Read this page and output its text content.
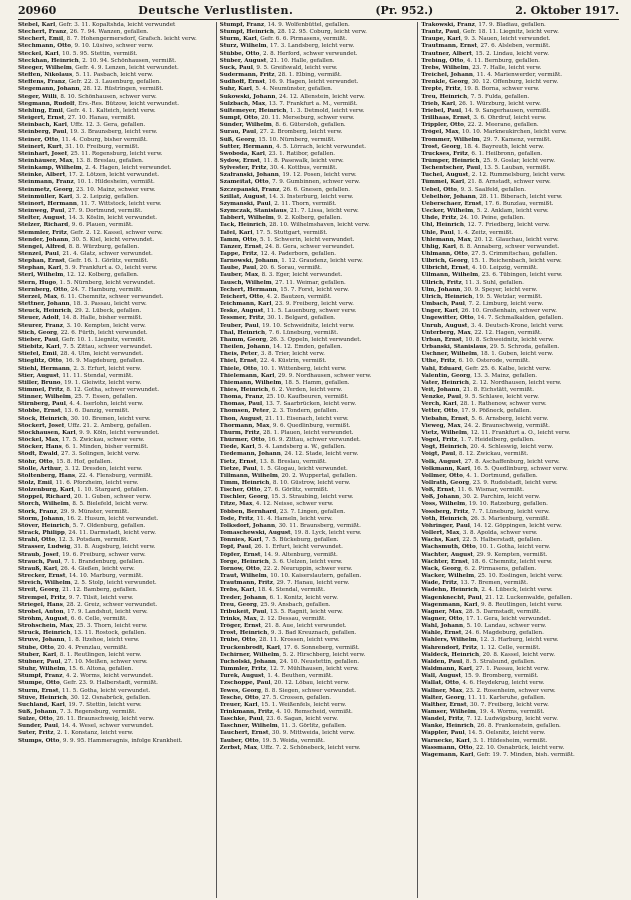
20960	Deutsche Verlustlisten.	(Pr. 952.)	2. Oktober 1917.
Stebel, Karl, Gefr. 3. 11. Kopaltshda, leicht verwundet
Stechert, Franz, 26. 7. 94. Wanzen, gefallen.
Stechert, Emil, 8. 7. Hohengermersdorf, Grafsch. leicht verw.
Stechmann, Otto, 9. 10. Lüsiwo, schwer verw.
Steckel, Karl, 10. 5. 95. Stettin, vermißt.
Steckhan, Heinrich, 2. 10. 94. Schönhausen, vermißt.
Steeger, Wilhelm, Gefr. 4. 9. Lenzen, leicht verwundet.
Steffen, Nikolaus, 5. 11. Pasbach, leicht verw.
Steffens, Franz, Gefr. 22. 3. Lauenburg, gefallen.
Stegemann, Johann, 28. 12. Rüstringen, vermißt.
Steger, Willi, 8. 10. Schönhausen, schwer verw.
Stegmann, Rudolf, Ers.-Res. Bützow, leicht verwundet.
Stehling, Emil, Gefr. 4. 1. Kalteich, leicht verw.
Steigert, Ernst, 27. 10. Hanau, vermißt.
Steinbach, Karl, Uffz. 12. 3. Gera, gefallen.
Steinberg, Paul, 19. 3. Braunsberg, leicht verw.
Steiner, Otto, 11. 4. Coburg, bisher vermißt.
Steinert, Kurt, 31. 10. Freiburg, vermißt.
Steinhart, Josef, 25. 11. Regensburg, leicht verw.
Steinhäuser, Max, 13. 8. Breslau, gefallen.
Steinkamp, Wilhelm, 2. 4. Hagen, leicht verwundet.
Steinke, Albert, 17. 2. Lötzen, leicht verwundet.
Steinmann, Franz, 10. 1. Hildesheim, vermißt.
Steinmetz, Georg, 23. 10. Mainz, schwer verw.
Steinmüller, Karl, 3. 2. Leipzig, gefallen.
Steinort, Hermann, 11. 7. Wittstock, leicht verw.
Steinweg, Paul, 27. 9. Dortmund, vermißt.
Stelter, August, 14. 3. Köslin, leicht verwundet.
Stelzer, Richard, 9. 6. Plauen, vermißt.
Stemmler, Fritz, Gefr. 2. 12. Kassel, schwer verw.
Stender, Johann, 30. 5. Kiel, leicht verwundet.
Stengel, Alfred, 8. 8. Würzburg, gefallen.
Stenzel, Paul, 21. 4. Glatz, schwer verwundet.
Stephan, Ernst, Gefr. 16. 1. Görlitz, vermißt.
Stephan, Karl, 5. 9. Frankfurt a. O., leicht verw.
Sterl, Wilhelm, 12. 12. Kolberg, gefallen.
Stern, Hugo, 1. 5. Nürnberg, leicht verwundet.
Sternberg, Otto, 24. 7. Hamburg, vermißt.
Sterzel, Max, 6. 11. Chemnitz, schwer verwundet.
Stettner, Johann, 18. 3. Passau, leicht verw.
Steuck, Heinrich, 29. 2. Lübeck, gefallen.
Steuer, Adolf, 14. 8. Halle, bisher vermißt.
Steurer, Franz, 3. 10. Kempten, leicht verw.
Stich, Georg, 22. 6. Fürth, leicht verwundet.
Stieber, Paul, Gefr. 10. 1. Liegnitz, vermißt.
Stiebitz, Karl, 7. 5. Zittau, schwer verwundet.
Stiefel, Emil, 28. 4. Ulm, leicht verwundet.
Stieglitz, Otto, 16. 9. Magdeburg, gefallen.
Stiehl, Hermann, 2. 3. Erfurt, leicht verw.
Stier, August, 11. 11. Stendal, vermißt.
Stiller, Bruno, 19. 1. Gleiwitz, leicht verw.
Stimmel, Fritz, 8. 12. Gotha, schwer verwundet.
Stinner, Wilhelm, 25. 7. Essen, gefallen.
Stirnberg, Paul, 4. 4. Iserlohn, leicht verw.
Stobbe, Ernst, 13. 6. Danzig, vermißt.
Stock, Heinrich, 30. 10. Bremen, leicht verw.
Stockert, Josef, Uffz. 21. 2. Amberg, gefallen.
Stockhausen, Karl, 9. 9. Köln, leicht verwundet.
Stöckel, Max, 17. 5. Zwickau, schwer verw.
Stöcker, Hans, 6. 1. Minden, bisher vermißt.
Stodt, Ewald, 27. 3. Solingen, leicht verw.
Stöhr, Otto, 15. 8. Hof, gefallen.
Stolle, Arthur, 3. 12. Dresden, leicht verw.
Stoltenberg, Hans, 22. 4. Flensburg, vermißt.
Stolz, Emil, 11. 6. Pforzheim, leicht verw.
Stolzenburg, Karl, 1. 10. Stargard, gefallen.
Stoppel, Richard, 20. 1. Guben, schwer verw.
Storch, Wilhelm, 8. 5. Bielefeld, leicht verw.
Stork, Franz, 29. 9. Münster, vermißt.
Storm, Johann, 16. 2. Husum, leicht verwundet.
Stöver, Heinrich, 5. 7. Oldenburg, gefallen.
Strack, Philipp, 24. 11. Darmstadt, leicht verw.
Strahl, Otto, 12. 3. Potsdam, vermißt.
Strasser, Ludwig, 31. 8. Augsburg, leicht verw.
Straub, Josef, 19. 6. Freiburg, schwer verw.
Strauch, Paul, 7. 1. Brandenburg, gefallen.
Strauß, Karl, 26. 4. Gießen, leicht verw.
Strecker, Ernst, 14. 10. Marburg, vermißt.
Streich, Wilhelm, 2. 5. Stolp, leicht verwundet.
Streit, Georg, 21. 12. Bamberg, gefallen.
Strempel, Fritz, 9. 7. Tilsit, leicht verw.
Striegel, Hans, 28. 2. Greiz, schwer verwundet.
Strobel, Anton, 17. 9. Landshut, leicht verw.
Ströhm, August, 6. 6. Celle, vermißt.
Strohschein, Max, 25. 3. Thorn, leicht verw.
Struck, Heinrich, 13. 11. Rostock, gefallen.
Struve, Johann, 1. 8. Itzehoe, leicht verw.
Stübe, Otto, 20. 4. Prenzlau, vermißt.
Stuber, Karl, 8. 1. Reutlingen, leicht verw.
Stübner, Paul, 27. 10. Meißen, schwer verw.
Stuhr, Wilhelm, 15. 6. Altona, gefallen.
Stumpf, Franz, 4. 2. Worms, leicht verwundet.
Stumpe, Otto, Gefr. 23. 9. Halberstadt, vermißt.
Sturm, Ernst, 11. 5. Gotha, leicht verwundet.
Stüve, Heinrich, 30. 12. Osnabrück, gefallen.
Suchland, Karl, 19. 7. Stettin, leicht verw.
Süß, Johann, 7. 3. Regensburg, vermißt.
Sülze, Otto, 26. 11. Braunschweig, leicht verw.
Sunder, Paul, 14. 4. Wesel, schwer verwundet.
Suter, Fritz, 2. 1. Konstanz, leicht verw.
Stumps, Otto, 9. 9. 95. Hammeragnis, infolge Krankheit.
Stumpf, Franz, 14. 9. Wolfenbüttel, gefallen.
Stumpf, Heinrich, 28. 12. 95. Coburg, leicht verw.
Sturm, Karl, Gefr. 6. 6. Pirmasens, vermißt.
Sturz, Wilhelm, 17. 3. Landsberg, leicht verw.
Stübbe, Otto, 2. 8. Herford, schwer verwundet.
Stüber, August, 21. 10. Halle, gefallen.
Suck, Paul, 9. 5. Greifswald, leicht verw.
Sudermann, Fritz, 28. 1. Elbing, vermißt.
Sudhoff, Ernst, 16. 9. Hagen, leicht verwundet.
Suhr, Karl, 5. 4. Neumünster, gefallen.
Sukowski, Johann, 24. 12. Allenstein, leicht verw.
Sulzbach, Max, 13. 7. Frankfurt a. M., vermißt.
Sültemeyer, Heinrich, 1. 3. Detmold, leicht verw.
Sumpf, Otto, 20. 11. Merseburg, schwer verw.
Sünder, Wilhelm, 8. 6. Gütersloh, gefallen.
Surau, Paul, 27. 2. Bromberg, leicht verw.
Süß, Georg, 15. 10. Nürnberg, vermißt.
Sutter, Hermann, 4. 5. Lörrach, leicht verwundet.
Swoboda, Karl, 23. 1. Ratibor, gefallen.
Sydow, Ernst, 11. 8. Pasewalk, leicht verw.
Sylvester, Fritz, 30. 4. Kottbus, vermißt.
Szafranski, Johann, 19. 12. Posen, leicht verw.
Szameitat, Otto, 7. 9. Gumbinnen, schwer verw.
Szczepanski, Franz, 26. 6. Gnesen, gefallen.
Szillat, August, 14. 3. Insterburg, leicht verw.
Szymanski, Paul, 2. 11. Thorn, vermißt.
Szymczak, Stanislaus, 21. 7. Lissa, leicht verw.
Tabbert, Wilhelm, 9. 2. Kolberg, gefallen.
Tack, Heinrich, 28. 10. Wilhelmshaven, leicht verw.
Tafel, Karl, 17. 5. Stuttgart, vermißt.
Tamm, Otto, 5. 1. Schwerin, leicht verwundet.
Tänzer, Ernst, 24. 8. Gera, schwer verwundet.
Tappe, Fritz, 12. 4. Paderborn, gefallen.
Tarnowski, Johann, 1. 12. Graudenz, leicht verw.
Taube, Paul, 20. 6. Sorau, vermißt.
Tauber, Max, 8. 3. Eger, leicht verwundet.
Tausch, Wilhelm, 27. 11. Weimar, gefallen.
Techert, Hermann, 15. 7. Forst, leicht verw.
Teichert, Otto, 4. 2. Bautzen, vermißt.
Teichmann, Karl, 23. 9. Freiberg, leicht verw.
Teske, August, 11. 5. Lauenburg, schwer verw.
Tessmer, Fritz, 30. 1. Belgard, gefallen.
Teuber, Paul, 19. 10. Schweidnitz, leicht verw.
Thal, Heinrich, 7. 6. Lüneburg, vermißt.
Thamm, Georg, 26. 3. Oppeln, leicht verwundet.
Theilen, Johann, 14. 12. Emden, gefallen.
Theis, Peter, 3. 8. Trier, leicht verw.
Thiel, Ernst, 22. 4. Küstrin, vermißt.
Thiele, Otto, 10. 1. Wittenberg, leicht verw.
Thielemann, Karl, 29. 9. Nordhausen, schwer verw.
Thiemann, Wilhelm, 18. 5. Hamm, gefallen.
Thies, Heinrich, 6. 2. Verden, leicht verw.
Thoma, Franz, 25. 10. Kaufbeuren, vermißt.
Thomas, Paul, 13. 7. Saarbrücken, leicht verw.
Thomsen, Peter, 2. 3. Tondern, gefallen.
Thon, August, 21. 11. Eisenach, leicht verw.
Thormann, Max, 9. 6. Quedlinburg, vermißt.
Thurm, Fritz, 28. 1. Plauen, leicht verwundet.
Thürmer, Otto, 16. 9. Zittau, schwer verwundet.
Tiede, Karl, 5. 4. Landsberg a. W., gefallen.
Tiedemann, Johann, 24. 12. Stade, leicht verw.
Tietz, Ernst, 13. 8. Breslau, vermißt.
Tietze, Paul, 1. 5. Glogau, leicht verwundet.
Tillmann, Wilhelm, 20. 2. Wuppertal, gefallen.
Timm, Heinrich, 8. 10. Güstrow, leicht verw.
Tischer, Otto, 27. 6. Görlitz, vermißt.
Tischler, Georg, 15. 3. Straubing, leicht verw.
Titze, Max, 4. 12. Neisse, schwer verw.
Többen, Bernhard, 23. 7. Lingen, gefallen.
Tode, Fritz, 11. 4. Hameln, leicht verw.
Tolksdorf, Johann, 30. 11. Braunsberg, vermißt.
Tomaschewski, August, 19. 8. Lyck, leicht verw.
Tönnies, Karl, 7. 5. Bückeburg, gefallen.
Topf, Paul, 26. 1. Erfurt, leicht verwundet.
Töpfer, Ernst, 14. 9. Altenburg, vermißt.
Torge, Heinrich, 3. 6. Uelzen, leicht verw.
Tornow, Otto, 22. 2. Neuruppin, schwer verw.
Traut, Wilhelm, 10. 10. Kaiserslautern, gefallen.
Trautmann, Fritz, 29. 7. Hanau, leicht verw.
Trebs, Karl, 18. 4. Stendal, vermißt.
Treder, Johann, 6. 1. Konitz, leicht verw.
Treu, Georg, 25. 9. Ansbach, gefallen.
Tribukeit, Paul, 13. 5. Ragnit, leicht verw.
Trinks, Max, 2. 12. Dessau, vermißt.
Tröger, Ernst, 21. 8. Aue, leicht verwundet.
Trost, Heinrich, 9. 3. Bad Kreuznach, gefallen.
Trübe, Otto, 28. 11. Krossen, leicht verw.
Truckenbrodt, Karl, 17. 6. Sonneberg, vermißt.
Tschirner, Wilhelm, 5. 2. Hirschberg, leicht verw.
Tucholski, Johann, 24. 10. Neustettin, gefallen.
Tümmler, Fritz, 12. 7. Mühlhausen, leicht verw.
Turek, August, 1. 4. Beuthen, vermißt.
Tzschoppe, Paul, 20. 12. Löbau, leicht verw.
Tewes, Georg, 8. 8. Siegen, schwer verwundet.
Tesche, Otto, 27. 5. Crossen, gefallen.
Treuer, Karl, 15. 1. Weißenfels, leicht verw.
Trinkmann, Fritz, 4. 10. Remscheid, vermißt.
Taschke, Paul, 23. 6. Sagan, leicht verw.
Taschner, Wilhelm, 11. 3. Görlitz, gefallen.
Tauchert, Ernst, 30. 9. Mittweida, leicht verw.
Tauber, Otto, 19. 5. Weida, vermißt.
Zerbst, Max, Uffz. 7. 2. Schönebeck, leicht verw.
Trakowski, Franz, 17. 9. Bladiau, gefallen.
Trantz, Paul, Gefr. 18. 11. Liegnitz, leicht verw.
Traupe, Karl, 9. 3. Nauen, leicht verwundet.
Trautmann, Ernst, 27. 6. Alsleben, vermißt.
Trautner, Albert, 15. 2. Lindau, leicht verw.
Trebing, Otto, 4. 11. Bernburg, gefallen.
Trebs, Wilhelm, 23. 7. Halle, leicht verw.
Treichel, Johann, 11. 4. Marienwerder, vermißt.
Trenkle, Georg, 30. 12. Offenburg, leicht verw.
Trepte, Fritz, 19. 8. Borna, schwer verw.
Treu, Heinrich, 7. 5. Fulda, gefallen.
Trieb, Karl, 26. 1. Würzburg, leicht verw.
Triebel, Paul, 14. 9. Sangerhausen, vermißt.
Trillhaas, Ernst, 3. 6. Ohrdruf, leicht verw.
Trippler, Otto, 22. 2. Meerane, gefallen.
Trögel, Max, 10. 10. Markneukirchen, leicht verw.
Trommer, Wilhelm, 29. 7. Kamenz, vermißt.
Trost, Georg, 18. 4. Bayreuth, leicht verw.
Truckses, Fritz, 6. 1. Heilbronn, gefallen.
Trümper, Heinrich, 25. 9. Goslar, leicht verw.
Tschentscher, Paul, 13. 5. Lauban, vermißt.
Tuchel, August, 2. 12. Rummelsburg, leicht verw.
Tümmel, Karl, 21. 8. Arnstadt, schwer verw.
Uebel, Otto, 9. 3. Saalfeld, gefallen.
Uebelhör, Johann, 28. 11. Biberach, leicht verw.
Ueberschaer, Ernst, 17. 6. Bunzlau, vermißt.
Uecker, Wilhelm, 5. 2. Anklam, leicht verw.
Uhde, Fritz, 24. 10. Peine, gefallen.
Uhl, Heinrich, 12. 7. Friedberg, leicht verw.
Uhle, Paul, 1. 4. Zeitz, vermißt.
Uhlemann, Max, 20. 12. Glauchau, leicht verw.
Uhlig, Karl, 8. 8. Annaberg, schwer verwundet.
Uhlmann, Otto, 27. 5. Crimmitschau, gefallen.
Ulbrich, Georg, 15. 1. Reichenbach, leicht verw.
Ulbricht, Ernst, 4. 10. Leipzig, vermißt.
Ullmann, Wilhelm, 23. 6. Tübingen, leicht verw.
Ullrich, Fritz, 11. 3. Suhl, gefallen.
Ulm, Johann, 30. 9. Speyer, leicht verw.
Ulrich, Heinrich, 19. 5. Wetzlar, vermißt.
Umbach, Paul, 7. 2. Limburg, leicht verw.
Unger, Karl, 26. 10. Großenhain, schwer verw.
Ungewitter, Otto, 14. 7. Schmalkalden, gefallen.
Unruh, August, 3. 4. Deutsch-Krone, leicht verw.
Unterberg, Max, 22. 12. Hagen, vermißt.
Urban, Ernst, 10. 8. Schweidnitz, leicht verw.
Urbanski, Stanislaus, 29. 5. Schroda, gefallen.
Uschner, Wilhelm, 18. 1. Guben, leicht verw.
Uthe, Fritz, 6. 10. Osterode, vermißt.
Vahl, Eduard, Gefr. 25. 6. Kalbe, leicht verw.
Valentin, Georg, 13. 3. Mainz, gefallen.
Vater, Heinrich, 2. 12. Nordhausen, leicht verw.
Veit, Johann, 21. 8. Eichstätt, vermißt.
Venzke, Paul, 9. 5. Schlawe, leicht verw.
Verch, Karl, 28. 1. Rathenow, schwer verw.
Vetter, Otto, 17. 9. Pößneck, gefallen.
Viebahn, Ernst, 5. 6. Arnsberg, leicht verw.
Vieweg, Max, 24. 2. Braunschweig, vermißt.
Vietz, Wilhelm, 12. 11. Frankfurt a. O., leicht verw.
Vogel, Fritz, 1. 7. Heidelberg, gefallen.
Vogt, Heinrich, 20. 4. Schleswig, leicht verw.
Voigt, Paul, 8. 12. Zwickau, vermißt.
Volk, August, 27. 8. Aschaffenburg, leicht verw.
Volkmann, Karl, 16. 5. Quedlinburg, schwer verw.
Vollmer, Otto, 4. 1. Dortmund, gefallen.
Vollrath, Georg, 23. 9. Rudolstadt, leicht verw.
Voß, Ernst, 11. 6. Wismar, vermißt.
Voß, Johann, 30. 2. Parchim, leicht verw.
Voss, Wilhelm, 19. 10. Ratzeburg, gefallen.
Vossberg, Fritz, 7. 7. Lüneburg, leicht verw.
Voth, Heinrich, 26. 3. Marienburg, vermißt.
Vöhringer, Paul, 14. 12. Göppingen, leicht verw.
Vollert, Max, 3. 8. Apolda, schwer verw.
Wachs, Karl, 22. 5. Halberstadt, gefallen.
Wachsmuth, Otto, 10. 1. Gotha, leicht verw.
Wachter, August, 29. 9. Kempten, vermißt.
Wächter, Ernst, 18. 6. Chemnitz, leicht verw.
Wack, Georg, 6. 2. Pirmasens, gefallen.
Wacker, Wilhelm, 25. 10. Esslingen, leicht verw.
Wade, Fritz, 13. 7. Bremen, vermißt.
Wadehn, Heinrich, 2. 4. Lübeck, leicht verw.
Wagenknecht, Paul, 21. 12. Luckenwalde, gefallen.
Wagenmann, Karl, 9. 8. Reutlingen, leicht verw.
Wagner, Max, 28. 5. Darmstadt, vermißt.
Wagner, Otto, 17. 1. Gera, leicht verwundet.
Wahl, Johann, 5. 10. Landau, schwer verw.
Wahle, Ernst, 24. 6. Magdeburg, gefallen.
Wahlers, Wilhelm, 12. 3. Harburg, leicht verw.
Wahrendorf, Fritz, 1. 12. Celle, vermißt.
Waldeck, Heinrich, 20. 8. Kassel, leicht verw.
Walden, Paul, 8. 5. Stralsund, gefallen.
Waldmann, Karl, 27. 1. Passau, leicht verw.
Wall, August, 15. 9. Bromberg, vermißt.
Wallat, Otto, 4. 6. Heydekrug, leicht verw.
Wallner, Max, 23. 2. Rosenheim, schwer verw.
Walter, Georg, 11. 11. Karlsruhe, gefallen.
Walther, Ernst, 30. 7. Freiberg, leicht verw.
Wamser, Wilhelm, 19. 4. Worms, vermißt.
Wandel, Fritz, 7. 12. Ludwigsburg, leicht verw.
Wanke, Heinrich, 26. 8. Frankenstein, gefallen.
Wappler, Paul, 14. 5. Oelsnitz, leicht verw.
Warnecke, Karl, 3. 1. Hildesheim, vermißt.
Wassmann, Otto, 22. 10. Osnabrück, leicht verw.
Wagemann, Karl, Gefr. 19. 7. Minden, bish. vermißt.
